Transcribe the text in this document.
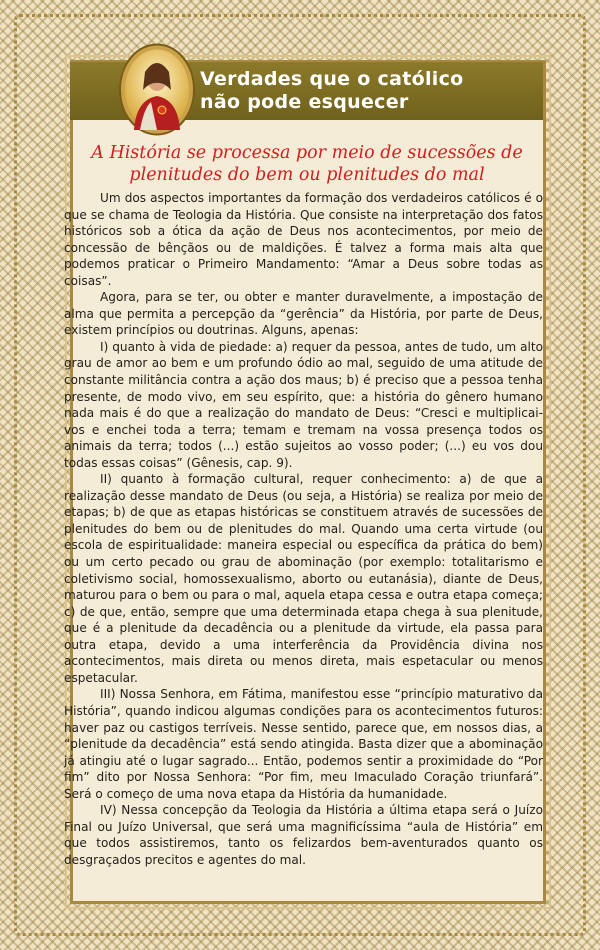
Verdades que o católico
não pode esquecer
A História se processa por meio de sucessões de
plenitudes do bem ou plenitudes do mal

Um dos aspectos importantes da formação dos verdadeiros católicos é o que se chama de Teologia da História. Que consiste na interpretação dos fatos históricos sob a ótica da ação de Deus nos acontecimentos, por meio de concessão de bênçãos ou de maldições. É talvez a forma mais alta que podemos praticar o Primeiro Mandamento: “Amar a Deus sobre todas as coisas”.

Agora, para se ter, ou obter e manter duravelmente, a impostação de alma que permita a percepção da “gerência” da História, por parte de Deus, existem princípios ou doutrinas. Alguns, apenas:

I) quanto à vida de piedade: a) requer da pessoa, antes de tudo, um alto grau de amor ao bem e um profundo ódio ao mal, seguido de uma atitude de constante militância contra a ação dos maus; b) é preciso que a pessoa tenha presente, de modo vivo, em seu espírito, que: a história do gênero humano nada mais é do que a realização do mandato de Deus: “Cresci e multiplicai-vos e enchei toda a terra; temam e tremam na vossa presença todos os animais da terra; todos (...) estão sujeitos ao vosso poder; (...) eu vos dou todas essas coisas” (Gênesis, cap. 9).

II) quanto à formação cultural, requer conhecimento: a) de que a realização desse mandato de Deus (ou seja, a História) se realiza por meio de etapas; b) de que as etapas históricas se constituem através de sucessões de plenitudes do bem ou de plenitudes do mal. Quando uma certa virtude (ou escola de espiritualidade: maneira especial ou específica da prática do bem) ou um certo pecado ou grau de abominação (por exemplo: totalitarismo e coletivismo social, homossexualismo, aborto ou eutanásia), diante de Deus, maturou para o bem ou para o mal, aquela etapa cessa e outra etapa começa; c) de que, então, sempre que uma determinada etapa chega à sua plenitude, que é a plenitude da decadência ou a plenitude da virtude, ela passa para outra etapa, devido a uma interferência da Providência divina nos acontecimentos, mais direta ou menos direta, mais espetacular ou menos espetacular.

III) Nossa Senhora, em Fátima, manifestou esse “princípio maturativo da História”, quando indicou algumas condições para os acontecimentos futuros: haver paz ou castigos terríveis. Nesse sentido, parece que, em nossos dias, a “plenitude da decadência” está sendo atingida. Basta dizer que a abominação já atingiu até o lugar sagrado... Então, podemos sentir a proximidade do “Por fim” dito por Nossa Senhora: “Por fim, meu Imaculado Coração triunfará”. Será o começo de uma nova etapa da História da humanidade.

IV) Nessa concepção da Teologia da História a última etapa será o Juízo Final ou Juízo Universal, que será uma magnificíssima “aula de História” em que todos assistiremos, tanto os felizardos bem-aventurados quanto os desgraçados precitos e agentes do mal.
